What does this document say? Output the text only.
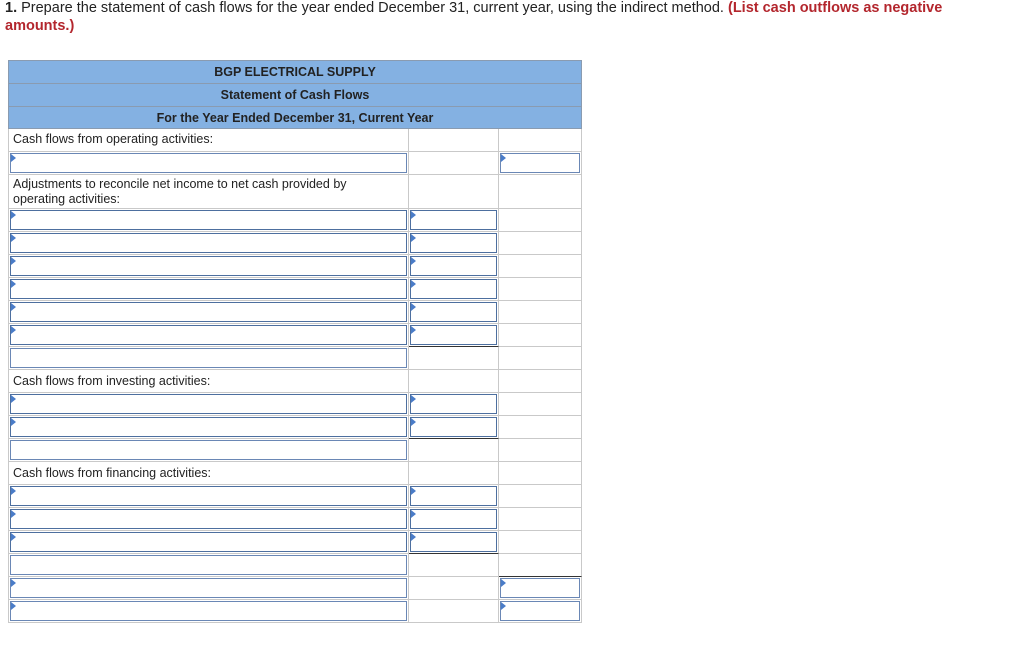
1. Prepare the statement of cash flows for the year ended December 31, current year, using the indirect method. (List cash outflows as negative amounts.)
BGP ELECTRICAL SUPPLY
Statement of Cash Flows
For the Year Ended December 31, Current Year
Cash flows from operating activities:
Adjustments to reconcile net income to net cash provided by operating activities:
Cash flows from investing activities:
Cash flows from financing activities:
